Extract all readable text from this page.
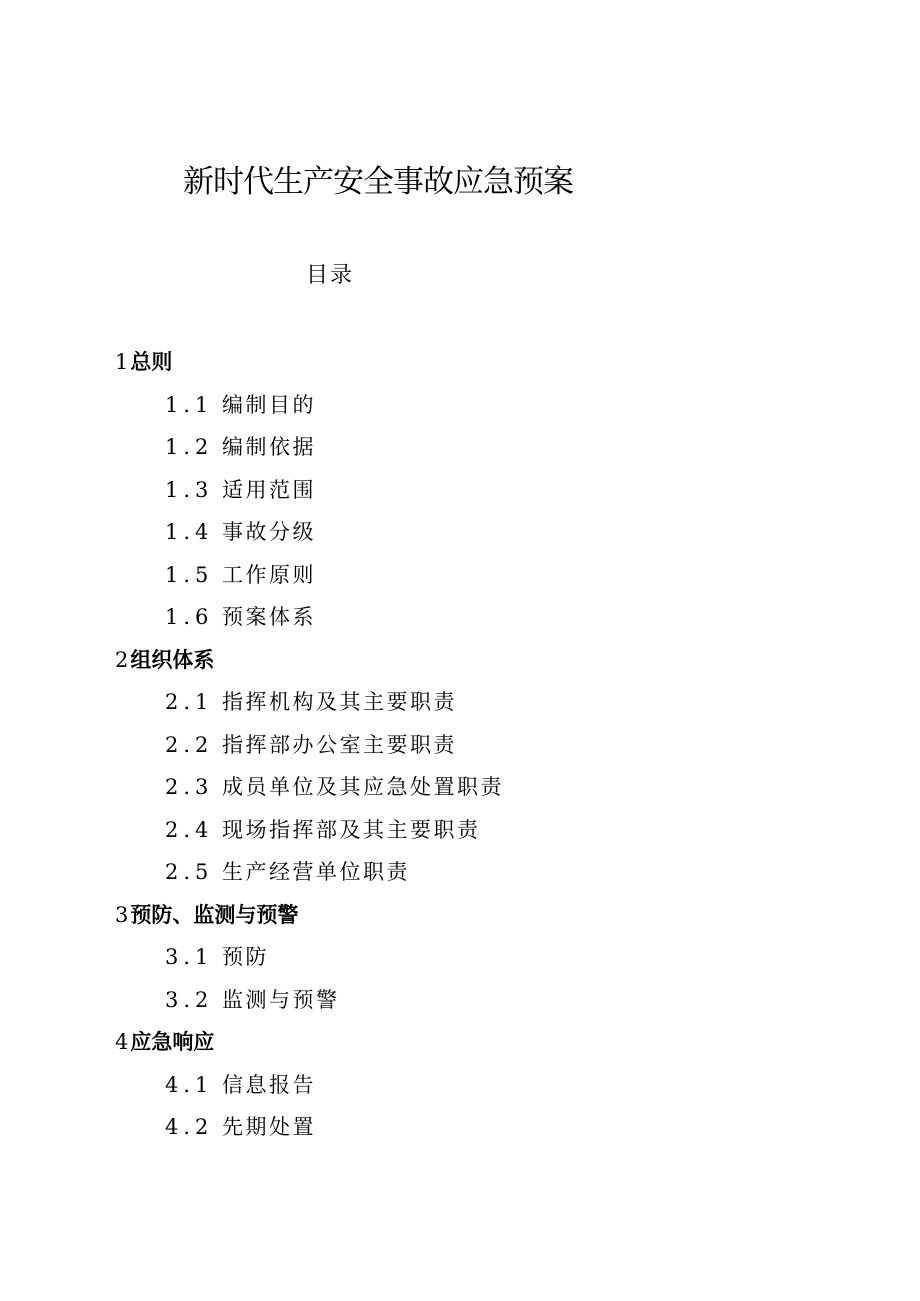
新时代生产安全事故应急预案
目录
1总则
1.1 编制目的
1.2 编制依据
1.3 适用范围
1.4 事故分级
1.5 工作原则
1.6 预案体系
2组织体系
2.1 指挥机构及其主要职责
2.2 指挥部办公室主要职责
2.3 成员单位及其应急处置职责
2.4 现场指挥部及其主要职责
2.5 生产经营单位职责
3预防、监测与预警
3.1 预防
3.2 监测与预警
4应急响应
4.1 信息报告
4.2 先期处置
